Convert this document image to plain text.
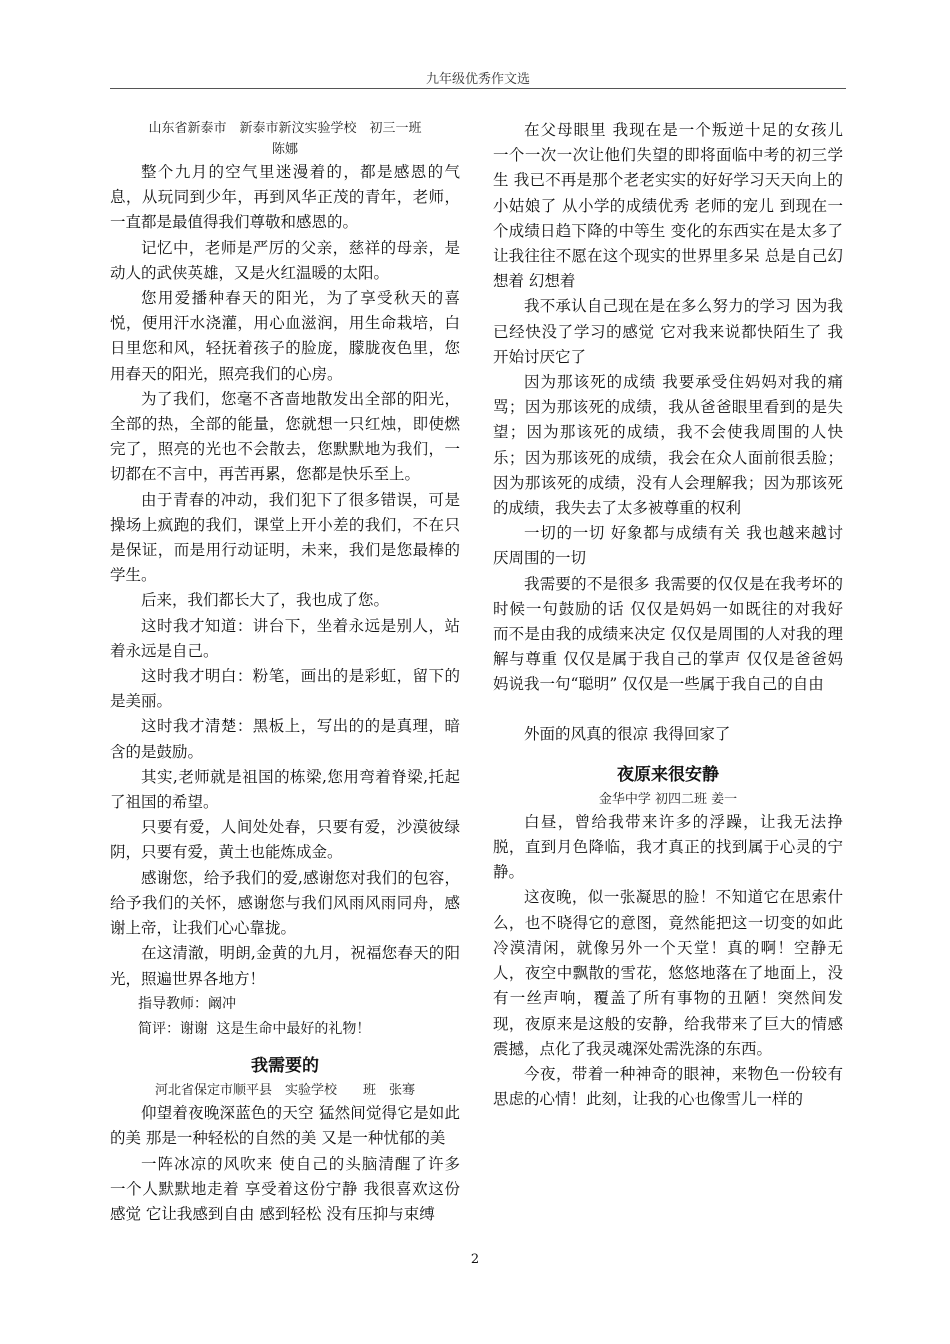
九年级优秀作文选

山东省新泰市　新泰市新汶实验学校　初三一班

陈娜

整个九月的空气里迷漫着的，都是感恩的气息，从玩同到少年，再到风华正茂的青年，老师，一直都是最值得我们尊敬和感恩的。

记忆中，老师是严厉的父亲，慈祥的母亲，是动人的武侠英雄，又是火红温暖的太阳。

您用爱播种春天的阳光，为了享受秋天的喜悦，便用汗水浇灌，用心血滋润，用生命栽培，白日里您和风，轻抚着孩子的脸庞，朦胧夜色里，您用春天的阳光，照亮我们的心房。

为了我们，您毫不吝啬地散发出全部的阳光，全部的热，全部的能量，您就想一只红烛，即使燃完了，照亮的光也不会散去，您默默地为我们，一切都在不言中，再苦再累，您都是快乐至上。

由于青春的冲动，我们犯下了很多错误，可是操场上疯跑的我们，课堂上开小差的我们，不在只是保证，而是用行动证明，未来，我们是您最棒的学生。

后来，我们都长大了，我也成了您。

这时我才知道：讲台下，坐着永远是别人，站着永远是自己。

这时我才明白：粉笔，画出的是彩虹，留下的是美丽。

这时我才清楚：黑板上，写出的的是真理，暗含的是鼓励。

其实,老师就是祖国的栋梁,您用弯着脊梁,托起了祖国的希望。

只要有爱，人间处处春，只要有爱，沙漠彼绿阴，只要有爱，黄土也能炼成金。

感谢您，给予我们的爱,感谢您对我们的包容，给予我们的关怀，感谢您与我们风雨风雨同舟，感谢上帝，让我们心心靠拢。

在这清澈，明朗,金黄的九月，祝福您春天的阳光，照遍世界各地方！

指导教师：阚冲

简评：谢谢 这是生命中最好的礼物！

我需要的

河北省保定市顺平县　实验学校　　班　张骞

仰望着夜晚深蓝色的天空 猛然间觉得它是如此的美 那是一种轻松的自然的美 又是一种忧郁的美

一阵冰凉的风吹来 使自己的头脑清醒了许多 一个人默默地走着 享受着这份宁静 我很喜欢这份感觉 它让我感到自由 感到轻松 没有压抑与束缚

在父母眼里 我现在是一个叛逆十足的女孩儿 一个一次一次让他们失望的即将面临中考的初三学生 我已不再是那个老老实实的好好学习天天向上的小姑娘了 从小学的成绩优秀 老师的宠儿 到现在一个成绩日趋下降的中等生 变化的东西实在是太多了 让我往往不愿在这个现实的世界里多呆 总是自己幻想着 幻想着

我不承认自己现在是在多么努力的学习 因为我已经快没了学习的感觉 它对我来说都快陌生了 我开始讨厌它了

因为那该死的成绩 我要承受住妈妈对我的痛骂；因为那该死的成绩，我从爸爸眼里看到的是失望；因为那该死的成绩，我不会使我周围的人快乐；因为那该死的成绩，我会在众人面前很丢脸；因为那该死的成绩，没有人会理解我；因为那该死的成绩，我失去了太多被尊重的权利

一切的一切 好象都与成绩有关 我也越来越讨厌周围的一切

我需要的不是很多 我需要的仅仅是在我考坏的时候一句鼓励的话 仅仅是妈妈一如既往的对我好 而不是由我的成绩来决定 仅仅是周围的人对我的理解与尊重 仅仅是属于我自己的掌声 仅仅是爸爸妈妈说我一句“聪明” 仅仅是一些属于我自己的自由

外面的风真的很凉 我得回家了

夜原来很安静

金华中学 初四二班 姜一

白昼，曾给我带来许多的浮躁，让我无法挣脱，直到月色降临，我才真正的找到属于心灵的宁静。

这夜晚，似一张凝思的脸！不知道它在思索什么，也不晓得它的意图，竟然能把这一切变的如此冷漠清闲，就像另外一个天堂！真的啊！空静无人，夜空中飘散的雪花，悠悠地落在了地面上，没有一丝声响，覆盖了所有事物的丑陋！突然间发现，夜原来是这般的安静，给我带来了巨大的情感震撼，点化了我灵魂深处需洗涤的东西。

今夜，带着一种神奇的眼神，来物色一份较有思虑的心情！此刻，让我的心也像雪儿一样的

2
